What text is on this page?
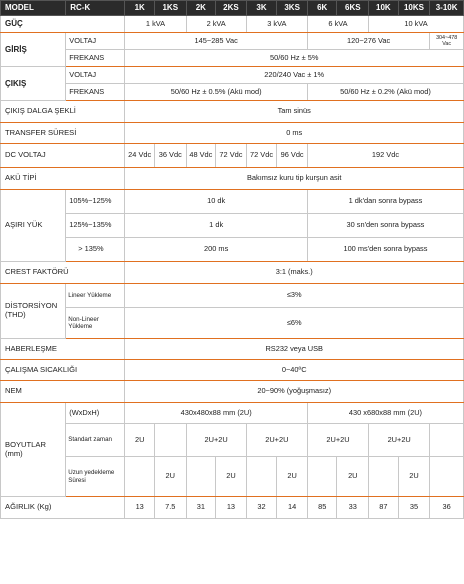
MODEL	RC-K	1K	1KS	2K	2KS	3K	3KS	6K	6KS	10K	10KS	3-10K
GÜÇ		1 kVA		2 kVA		3 kVA		6 kVA		10 kVA		
GİRİŞ	VOLTAJ	145~285 Vac						120~276 Vac				304~478 Vac
	FREKANS	50/60 Hz ± 5%										
ÇIKIŞ	VOLTAJ	220/240 Vac ± 1%										
	FREKANS	50/60 Hz ± 0.5% (Akü mod)						50/60 Hz ± 0.2% (Akü mod)				
ÇIKIŞ DALGA ŞEKLİ		Tam sinüs										
TRANSFER SÜRESİ		0 ms										
DC VOLTAJ		24 Vdc	36 Vdc	48 Vdc	72 Vdc	72 Vdc	96 Vdc	192 Vdc				
AKÜ TİPİ		Bakımsız kuru tip kurşun asit										
AŞIRI YÜK	105%~125%	10 dk						1 dk'dan sonra bypass				
	125%~135%	1 dk						30 sn'den sonra bypass				
	> 135%	200 ms						100 ms'den sonra bypass				
CREST FAKTÖRÜ		3:1 (maks.)										
DİSTORSİYON (THD)	Lineer Yükleme	≤3%										
	Non-Lineer Yükleme	≤6%										
HABERLEŞME		RS232 veya USB										
ÇALIŞMA SICAKLIĞI		0~40ºC										
NEM		20~90% (yoğuşmasız)										
BOYUTLAR (mm)	(WxDxH)	430x480x88 mm (2U)						430 x680x88 mm (2U)				
	Standart zaman	2U		2U+2U		2U+2U		2U+2U		2U+2U		
	Uzun yedekleme Süresi		2U		2U		2U		2U		2U	
AĞIRLIK (Kg)		13	7.5	31	13	32	14	85	33	87	35	36
